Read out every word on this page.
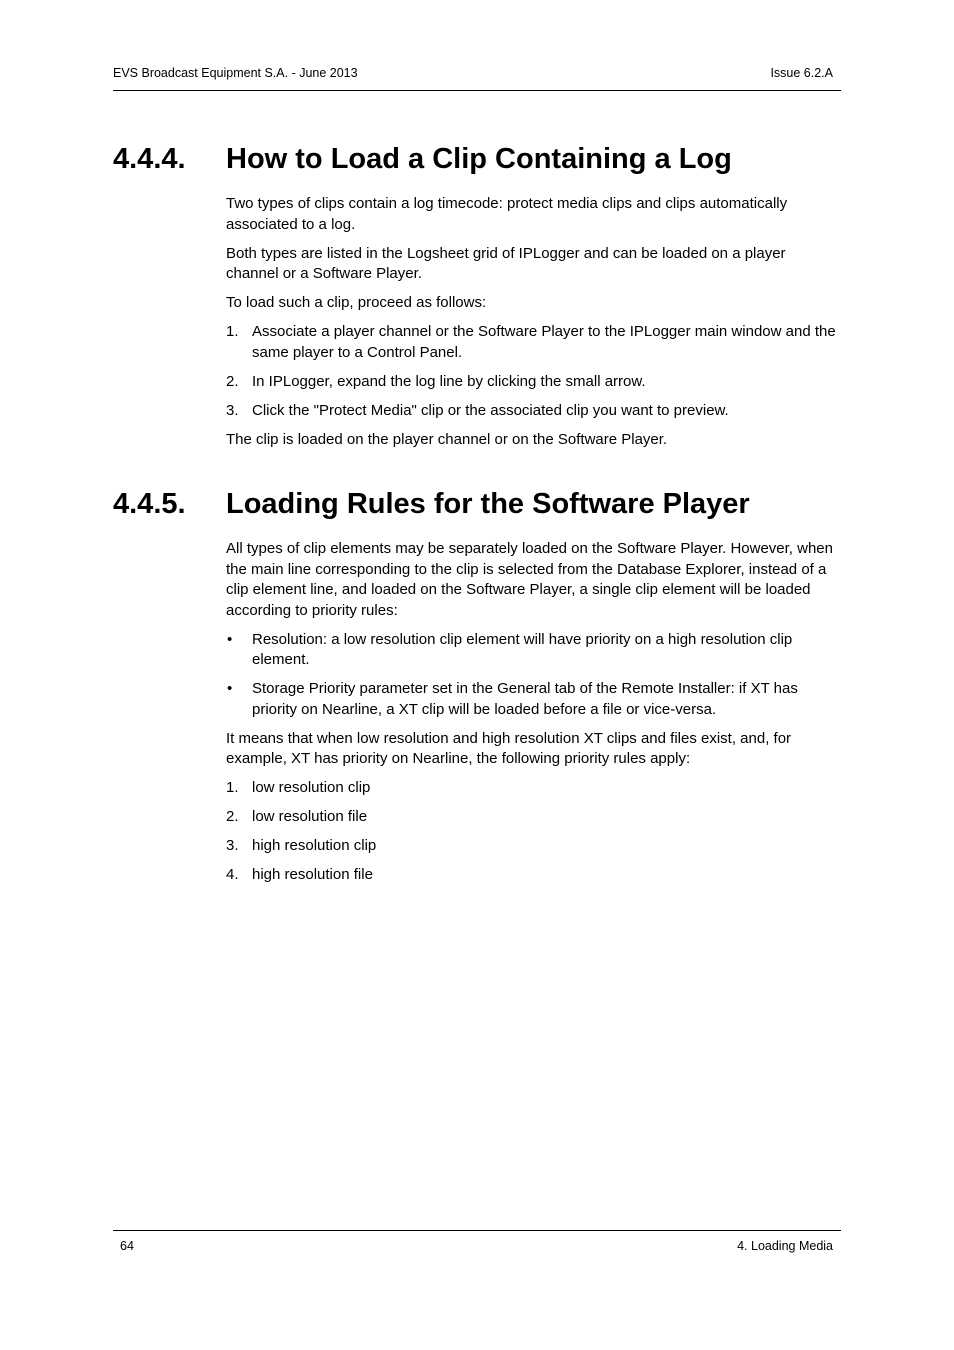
EVS Broadcast Equipment S.A. - June 2013	Issue 6.2.A
4.4.4. How to Load a Clip Containing a Log

Two types of clips contain a log timecode: protect media clips and clips automatically associated to a log.

Both types are listed in the Logsheet grid of IPLogger and can be loaded on a player channel or a Software Player.

To load such a clip, proceed as follows:

1. Associate a player channel or the Software Player to the IPLogger main window and the same player to a Control Panel.
2. In IPLogger, expand the log line by clicking the small arrow.
3. Click the "Protect Media" clip or the associated clip you want to preview.

The clip is loaded on the player channel or on the Software Player.

4.4.5. Loading Rules for the Software Player

All types of clip elements may be separately loaded on the Software Player. However, when the main line corresponding to the clip is selected from the Database Explorer, instead of a clip element line, and loaded on the Software Player, a single clip element will be loaded according to priority rules:

• Resolution: a low resolution clip element will have priority on a high resolution clip element.
• Storage Priority parameter set in the General tab of the Remote Installer: if XT has priority on Nearline, a XT clip will be loaded before a file or vice-versa.

It means that when low resolution and high resolution XT clips and files exist, and, for example, XT has priority on Nearline, the following priority rules apply:

1. low resolution clip
2. low resolution file
3. high resolution clip
4. high resolution file
64	4. Loading Media
